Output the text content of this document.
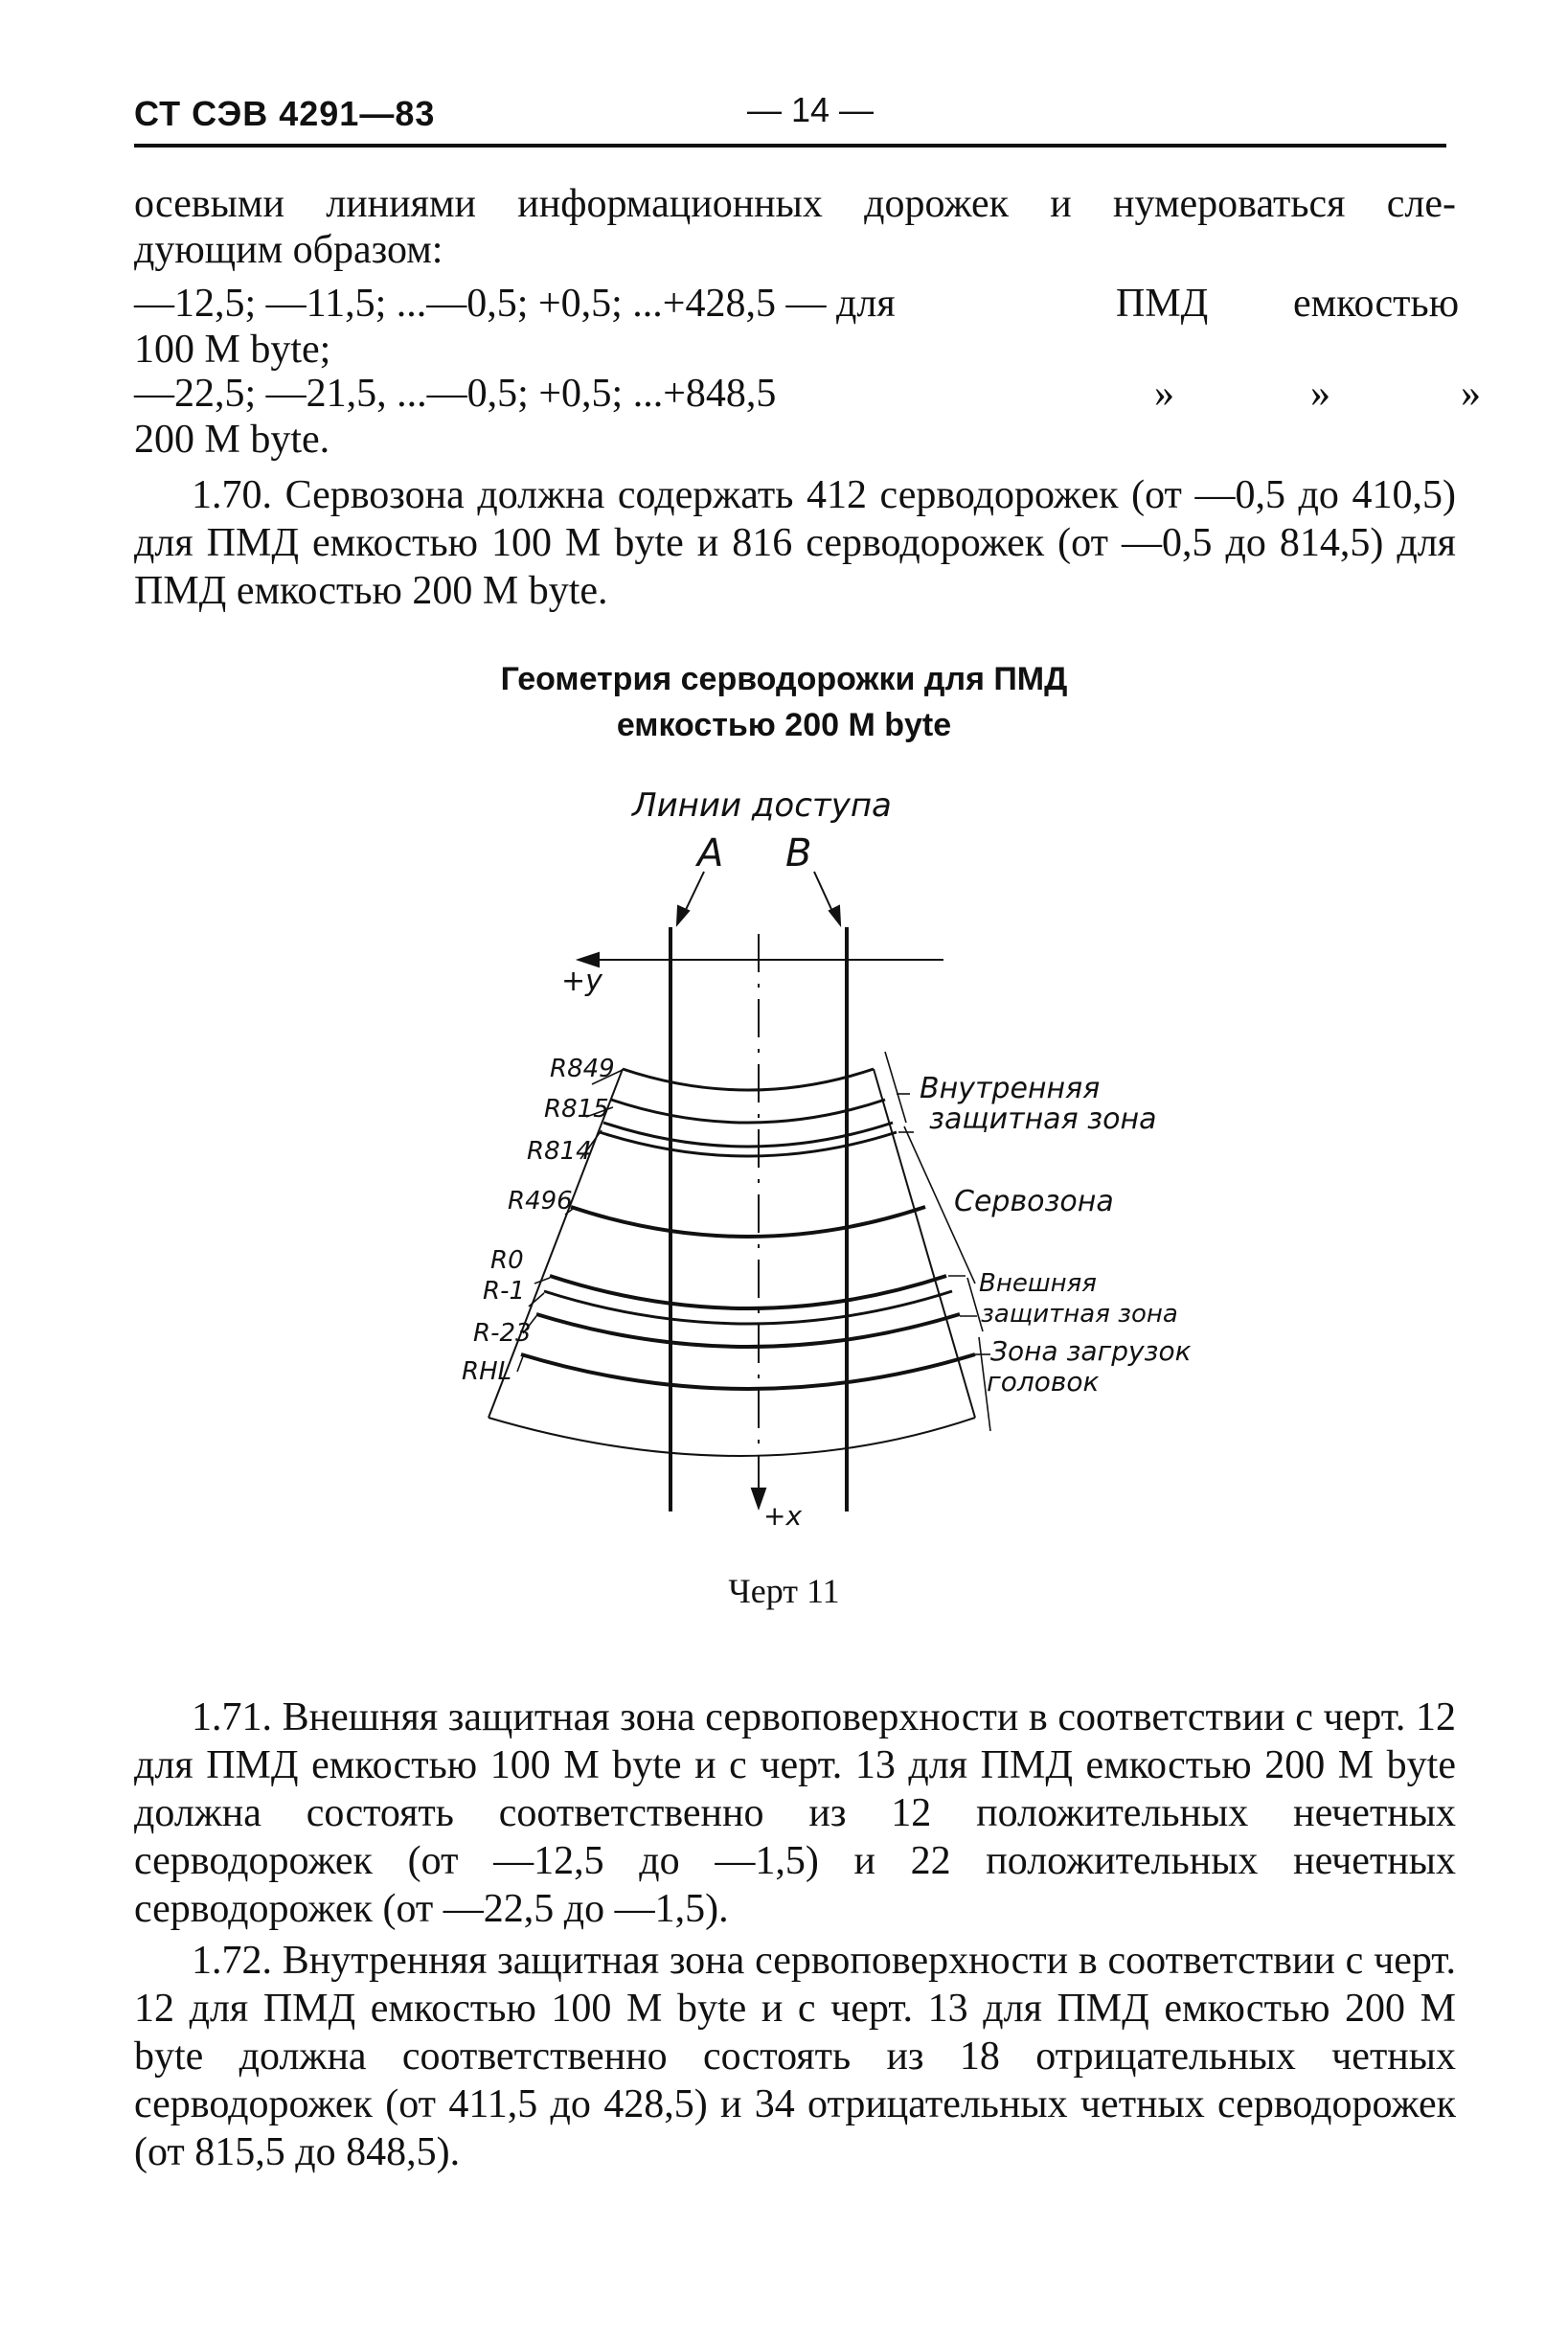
СТ СЭВ 4291—83	— 14 —
осевыми линиями информационных дорожек и нумероваться сле-
дующим образом:
—12,5; —11,5; ...—0,5; +0,5; ...+428,5 — для	ПМД емкостью
100 M byte;
—22,5; —21,5, ...—0,5; +0,5; ...+848,5	»	»	»
200 M byte.
1.70. Сервозона должна содержать 412 серводорожек (от —0,5 до 410,5) для ПМД емкостью 100 M byte и 816 серводорожек (от —0,5 до 814,5) для ПМД емкостью 200 M byte.
Геометрия серводорожки для ПМД
емкостью 200 M byte
Линии доступа
A B
+y
+x
R849
R815
R814
R496
R0
R-1
R-23
RHL
Внутренняя
защитная зона
Сервозона
Внешняя
защитная зона
Зона загрузок
головок
Черт 11
1.71. Внешняя защитная зона сервоповерхности в соответствии с черт. 12 для ПМД емкостью 100 M byte и с черт. 13 для ПМД емкостью 200 M byte должна состоять соответственно из 12 положительных нечетных серводорожек (от —12,5 до —1,5) и 22 положительных нечетных серводорожек (от —22,5 до —1,5).
1.72. Внутренняя защитная зона сервоповерхности в соответствии с черт. 12 для ПМД емкостью 100 M byte и с черт. 13 для ПМД емкостью 200 M byte должна соответственно состоять из 18 отрицательных четных серводорожек (от 411,5 до 428,5) и 34 отрицательных четных серводорожек (от 815,5 до 848,5).
